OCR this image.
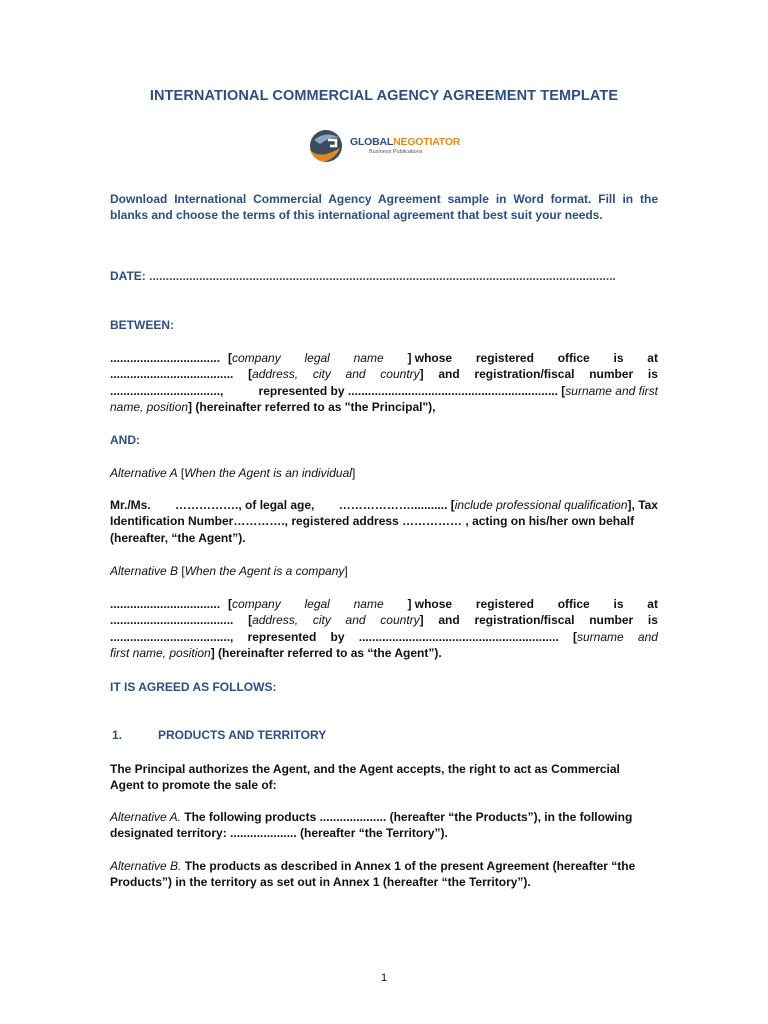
INTERNATIONAL COMMERCIAL AGENCY AGREEMENT TEMPLATE
GLOBALNEGOTIATOR
Business Publications

Download International Commercial Agency Agreement sample in Word format. Fill in the blanks and choose the terms of this international agreement that best suit your needs.

DATE: ............................................................................................................................................

BETWEEN:

................................. [company legal name ] whose registered office is at
..................................... [address, city and country] and registration/fiscal number is
.................................,	represented by ............................................................... [surname and first
name, position] (hereinafter referred to as "the Principal"),

AND:

Alternative A [When the Agent is an individual]

Mr./Ms. ……………., of legal age, ………………........... [include professional qualification], Tax
Identification Number…………., registered address …………… , acting on his/her own behalf
(hereafter, “the Agent”).

Alternative B [When the Agent is a company]

................................. [company legal name ] whose registered office is at
..................................... [address, city and country] and registration/fiscal number is
...................................., represented by ............................................................ [surname and
first name, position] (hereinafter referred to as “the Agent”).

IT IS AGREED AS FOLLOWS:

1.	PRODUCTS AND TERRITORY

The Principal authorizes the Agent, and the Agent accepts, the right to act as Commercial
Agent to promote the sale of:
Alternative A. The following products .................... (hereafter “the Products”), in the following
designated territory: .................... (hereafter “the Territory”).
Alternative B. The products as described in Annex 1 of the present Agreement (hereafter “the
Products”) in the territory as set out in Annex 1 (hereafter “the Territory”).
1
